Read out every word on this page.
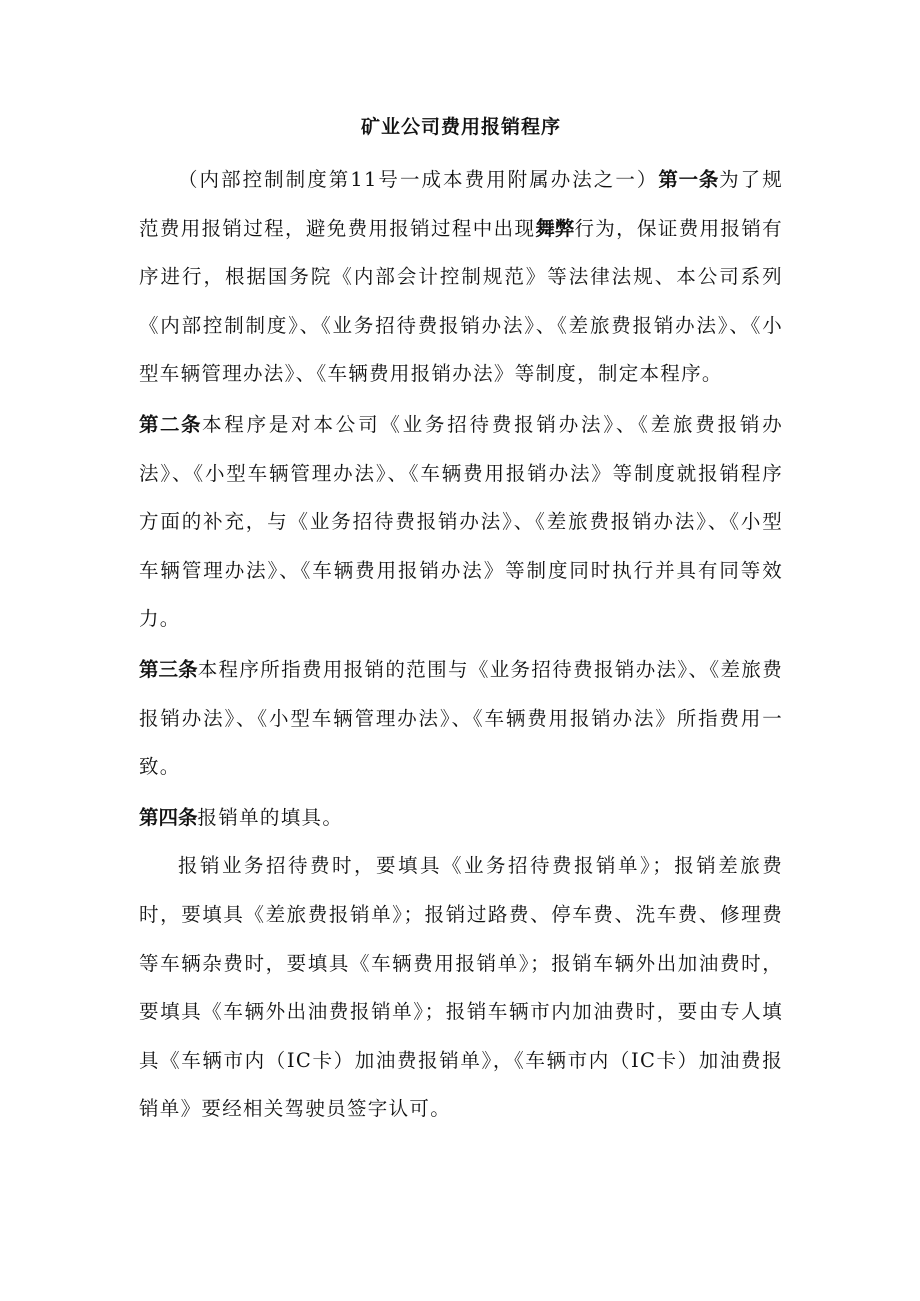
矿业公司费用报销程序

（内部控制制度第11号一成本费用附属办法之一）第一条为了规范费用报销过程，避免费用报销过程中出现舞弊行为，保证费用报销有序进行，根据国务院《内部会计控制规范》等法律法规、本公司系列《内部控制制度》、《业务招待费报销办法》、《差旅费报销办法》、《小型车辆管理办法》、《车辆费用报销办法》等制度，制定本程序。

第二条本程序是对本公司《业务招待费报销办法》、《差旅费报销办法》、《小型车辆管理办法》、《车辆费用报销办法》等制度就报销程序方面的补充，与《业务招待费报销办法》、《差旅费报销办法》、《小型车辆管理办法》、《车辆费用报销办法》等制度同时执行并具有同等效力。

第三条本程序所指费用报销的范围与《业务招待费报销办法》、《差旅费报销办法》、《小型车辆管理办法》、《车辆费用报销办法》所指费用一致。

第四条报销单的填具。

报销业务招待费时，要填具《业务招待费报销单》；报销差旅费时，要填具《差旅费报销单》；报销过路费、停车费、洗车费、修理费等车辆杂费时，要填具《车辆费用报销单》；报销车辆外出加油费时，要填具《车辆外出油费报销单》；报销车辆市内加油费时，要由专人填具《车辆市内（IC卡）加油费报销单》，《车辆市内（IC卡）加油费报销单》要经相关驾驶员签字认可。
